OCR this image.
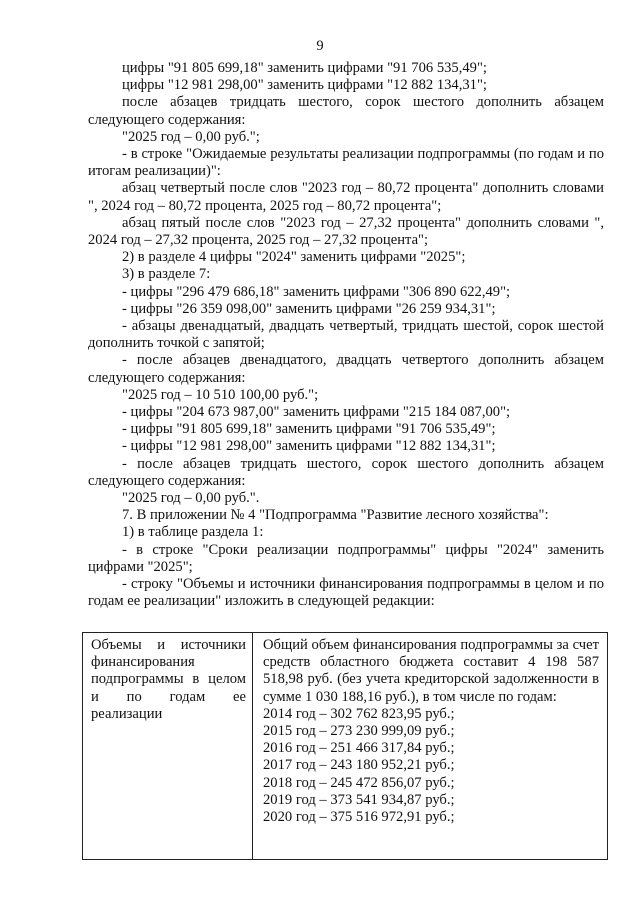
9

цифры "91 805 699,18" заменить цифрами "91 706 535,49";

цифры "12 981 298,00" заменить цифрами "12 882 134,31";

после абзацев тридцать шестого, сорок шестого дополнить абзацем следующего содержания:

"2025 год – 0,00 руб.";

- в строке "Ожидаемые результаты реализации подпрограммы (по годам и по итогам реализации)":

абзац четвертый после слов "2023 год – 80,72 процента" дополнить словами ", 2024 год – 80,72 процента, 2025 год – 80,72 процента";

абзац пятый после слов "2023 год – 27,32 процента" дополнить словами ", 2024 год – 27,32 процента, 2025 год – 27,32 процента";

2) в разделе 4 цифры "2024" заменить цифрами "2025";

3) в разделе 7:

- цифры "296 479 686,18" заменить цифрами "306 890 622,49";

- цифры "26 359 098,00" заменить цифрами "26 259 934,31";

- абзацы двенадцатый, двадцать четвертый, тридцать шестой, сорок шестой дополнить точкой с запятой;

- после абзацев двенадцатого, двадцать четвертого дополнить абзацем следующего содержания:

"2025 год – 10 510 100,00 руб.";

- цифры "204 673 987,00" заменить цифрами "215 184 087,00";

- цифры "91 805 699,18" заменить цифрами "91 706 535,49";

- цифры "12 981 298,00" заменить цифрами "12 882 134,31";

- после абзацев тридцать шестого, сорок шестого дополнить абзацем следующего содержания:

"2025 год – 0,00 руб.".

7. В приложении № 4 "Подпрограмма "Развитие лесного хозяйства":

1) в таблице раздела 1:

- в строке "Сроки реализации подпрограммы" цифры "2024" заменить цифрами "2025";

- строку "Объемы и источники финансирования подпрограммы в целом и по годам ее реализации" изложить в следующей редакции:

Объемы и источники финансирования подпрограммы в целом и по годам ее реализации

Общий объем финансирования подпрограммы за счет средств областного бюджета составит 4 198 587 518,98 руб. (без учета кредиторской задолженности в сумме 1 030 188,16 руб.), в том числе по годам:

2014 год – 302 762 823,95 руб.;

2015 год – 273 230 999,09 руб.;

2016 год – 251 466 317,84 руб.;

2017 год – 243 180 952,21 руб.;

2018 год – 245 472 856,07 руб.;

2019 год – 373 541 934,87 руб.;

2020 год – 375 516 972,91 руб.;
